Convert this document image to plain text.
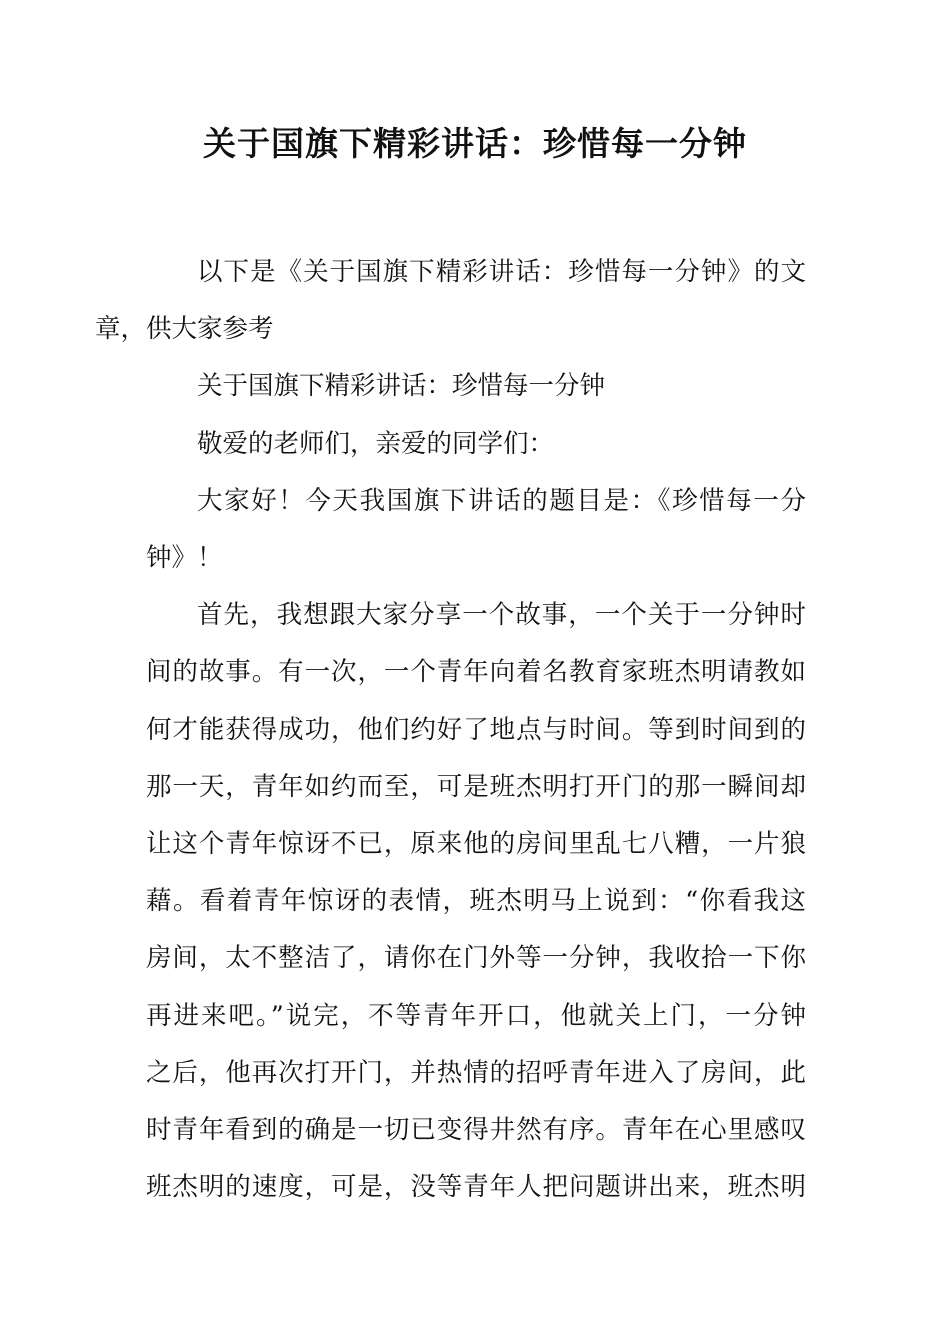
关于国旗下精彩讲话：珍惜每一分钟

以下是《关于国旗下精彩讲话：珍惜每一分钟》的文
章，供大家参考

关于国旗下精彩讲话：珍惜每一分钟

敬爱的老师们，亲爱的同学们：

大家好！今天我国旗下讲话的题目是：《珍惜每一分
钟》！

首先，我想跟大家分享一个故事，一个关于一分钟时
间的故事。有一次，一个青年向着名教育家班杰明请教如
何才能获得成功，他们约好了地点与时间。等到时间到的
那一天，青年如约而至，可是班杰明打开门的那一瞬间却
让这个青年惊讶不已，原来他的房间里乱七八糟，一片狼
藉。看着青年惊讶的表情，班杰明马上说到：“你看我这
房间，太不整洁了，请你在门外等一分钟，我收拾一下你
再进来吧。”说完，不等青年开口，他就关上门，一分钟
之后，他再次打开门，并热情的招呼青年进入了房间，此
时青年看到的确是一切已变得井然有序。青年在心里感叹
班杰明的速度，可是，没等青年人把问题讲出来，班杰明
